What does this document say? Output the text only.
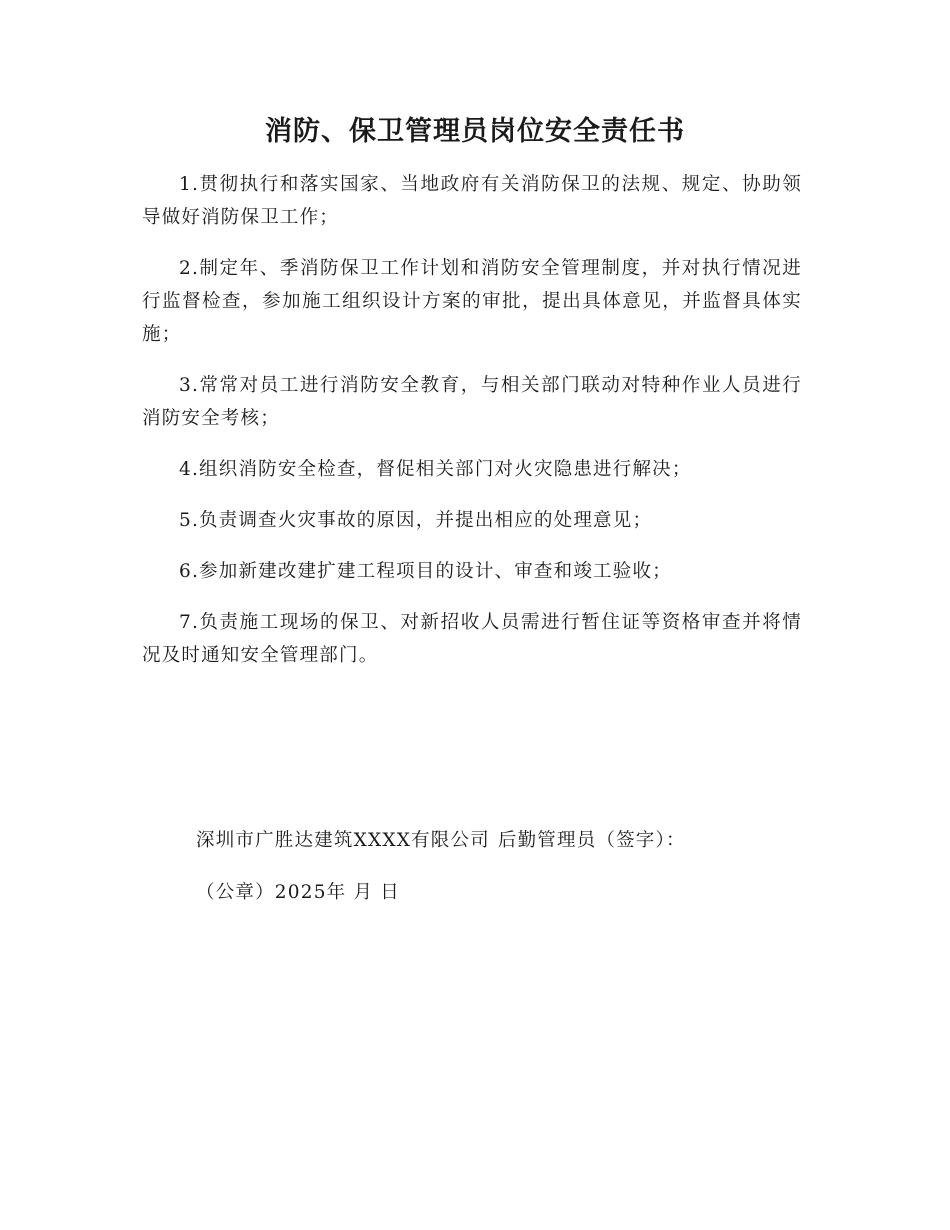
消防、保卫管理员岗位安全责任书

1.贯彻执行和落实国家、当地政府有关消防保卫的法规、规定、协助领导做好消防保卫工作；

2.制定年、季消防保卫工作计划和消防安全管理制度，并对执行情况进行监督检查，参加施工组织设计方案的审批，提出具体意见，并监督具体实施；

3.常常对员工进行消防安全教育，与相关部门联动对特种作业人员进行消防安全考核；

4.组织消防安全检查，督促相关部门对火灾隐患进行解决；

5.负责调查火灾事故的原因，并提出相应的处理意见；

6.参加新建改建扩建工程项目的设计、审查和竣工验收；

7.负责施工现场的保卫、对新招收人员需进行暂住证等资格审查并将情况及时通知安全管理部门。

深圳市广胜达建筑XXXX有限公司 后勤管理员（签字）：
（公章）2025年 月 日
